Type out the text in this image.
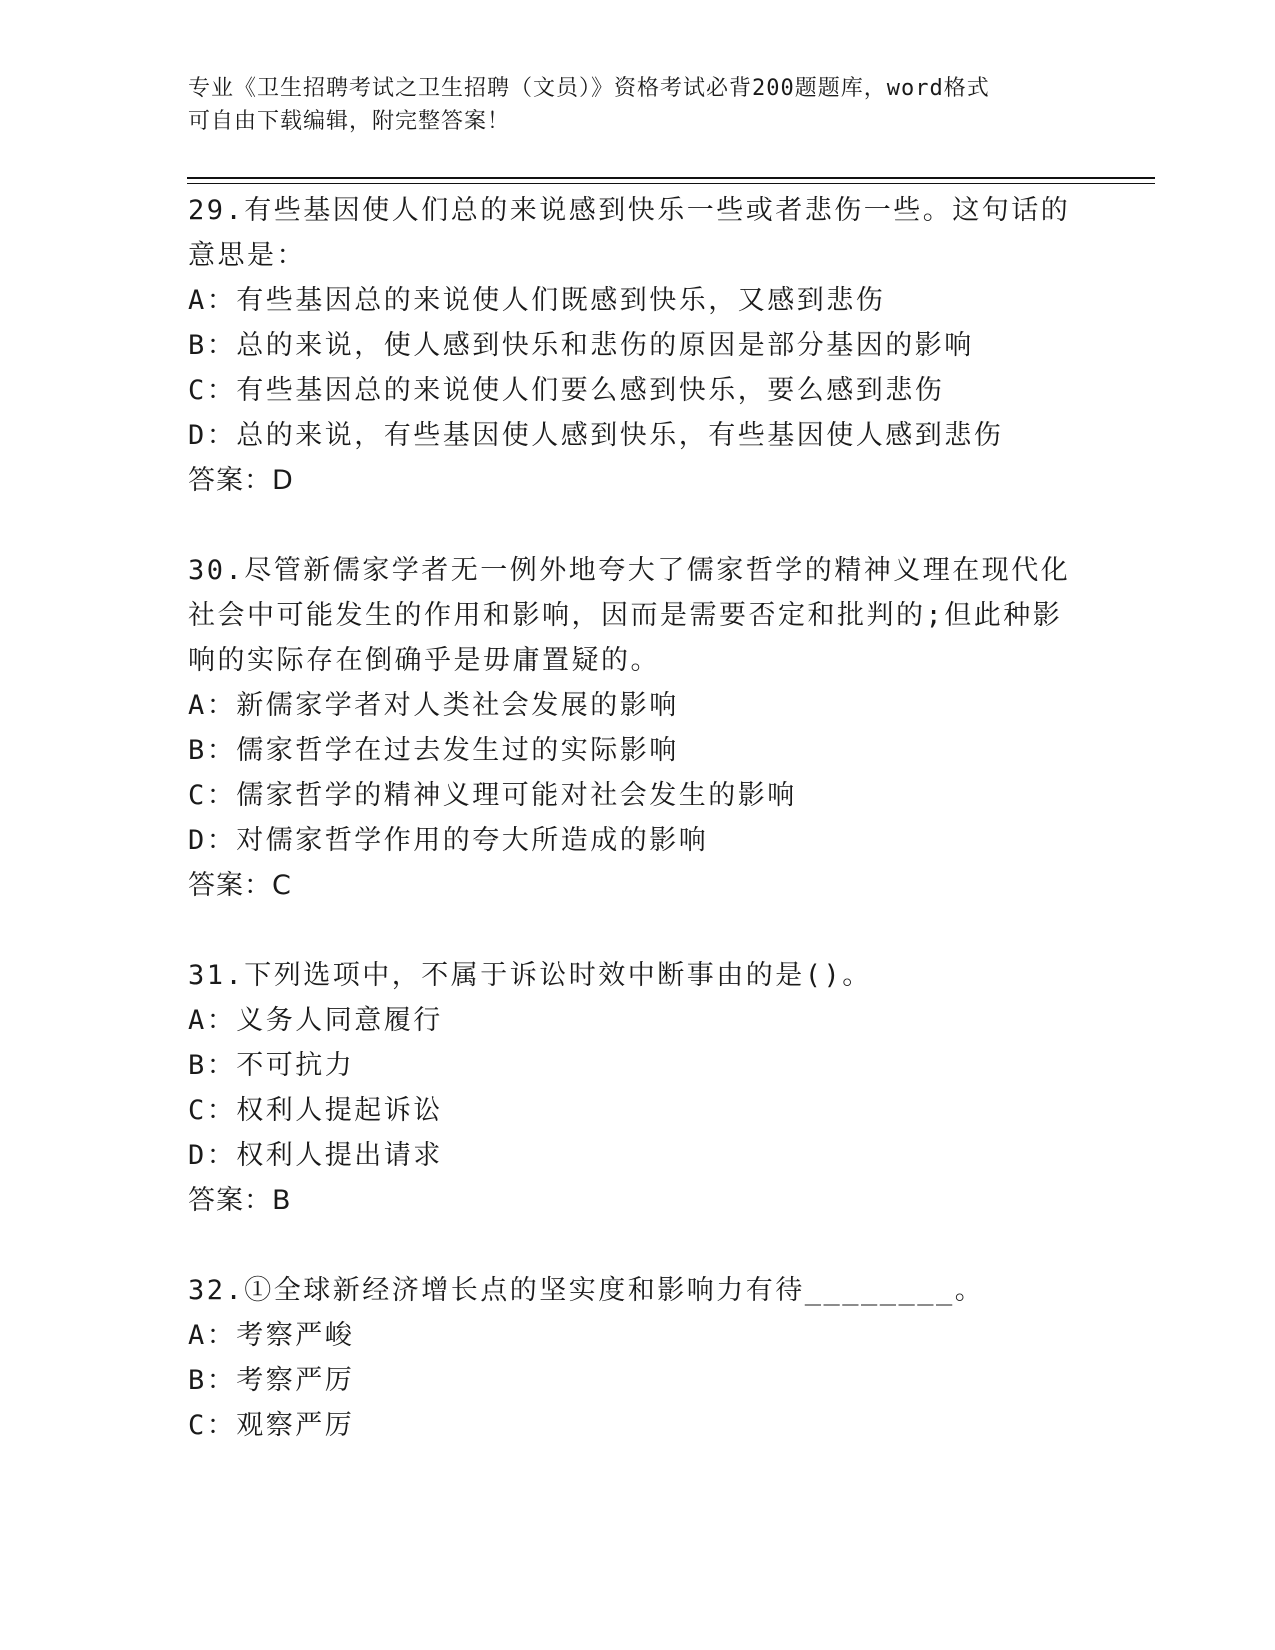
专业《卫生招聘考试之卫生招聘（文员）》资格考试必背200题题库，word格式
可自由下载编辑，附完整答案！

29.有些基因使人们总的来说感到快乐一些或者悲伤一些。这句话的意思是：

A：有些基因总的来说使人们既感到快乐，又感到悲伤

B：总的来说，使人感到快乐和悲伤的原因是部分基因的影响

C：有些基因总的来说使人们要么感到快乐，要么感到悲伤

D：总的来说，有些基因使人感到快乐，有些基因使人感到悲伤

答案：D

30.尽管新儒家学者无一例外地夸大了儒家哲学的精神义理在现代化社会中可能发生的作用和影响，因而是需要否定和批判的;但此种影响的实际存在倒确乎是毋庸置疑的。

A：新儒家学者对人类社会发展的影响

B：儒家哲学在过去发生过的实际影响

C：儒家哲学的精神义理可能对社会发生的影响

D：对儒家哲学作用的夸大所造成的影响

答案：C

31.下列选项中，不属于诉讼时效中断事由的是()。

A：义务人同意履行

B：不可抗力

C：权利人提起诉讼

D：权利人提出请求

答案：B

32.①全球新经济增长点的坚实度和影响力有待________。

A：考察严峻

B：考察严厉

C：观察严厉
